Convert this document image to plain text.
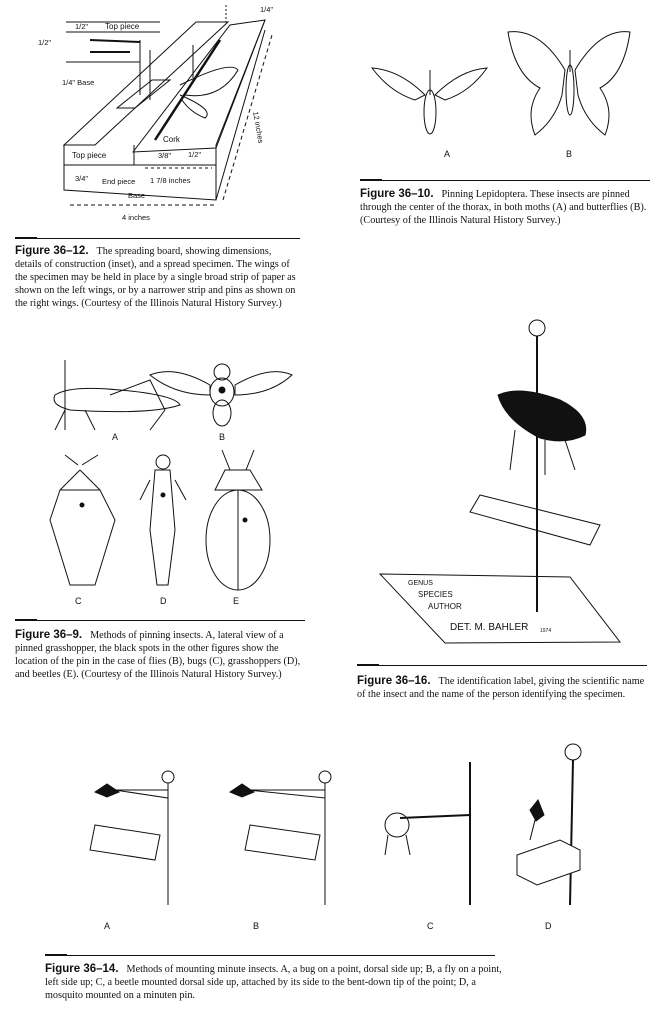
1/4"
1/2" Top piece
1/2"
1/4" Base
Cork
Top piece	3/8" 1/2"
3/4" End piece 1 7/8 inches
Base
4 inches
12 inches
A	B
A	B
C	D	E
GENUS
SPECIES
AUTHOR
DET. M. BAHLER 1974
A	B	C	D
Figure 36–12. The spreading board, showing dimensions, details of construction (inset), and a spread specimen. The wings of the specimen may be held in place by a single broad strip of paper as shown on the left wings, or by a narrower strip and pins as shown on the right wings. (Courtesy of the Illinois Natural History Survey.)
Figure 36–10. Pinning Lepidoptera. These insects are pinned through the center of the thorax, in both moths (A) and butterflies (B). (Courtesy of the Illinois Natural History Survey.)
Figure 36–9. Methods of pinning insects. A, lateral view of a pinned grasshopper, the black spots in the other figures show the location of the pin in the case of flies (B), bugs (C), grasshoppers (D), and beetles (E). (Courtesy of the Illinois Natural History Survey.)
Figure 36–16. The identification label, giving the scientific name of the insect and the name of the person identifying the specimen.
Figure 36–14. Methods of mounting minute insects. A, a bug on a point, dorsal side up; B, a fly on a point, left side up; C, a beetle mounted dorsal side up, attached by its side to the bent-down tip of the point; D, a mosquito mounted on a minuten pin.
